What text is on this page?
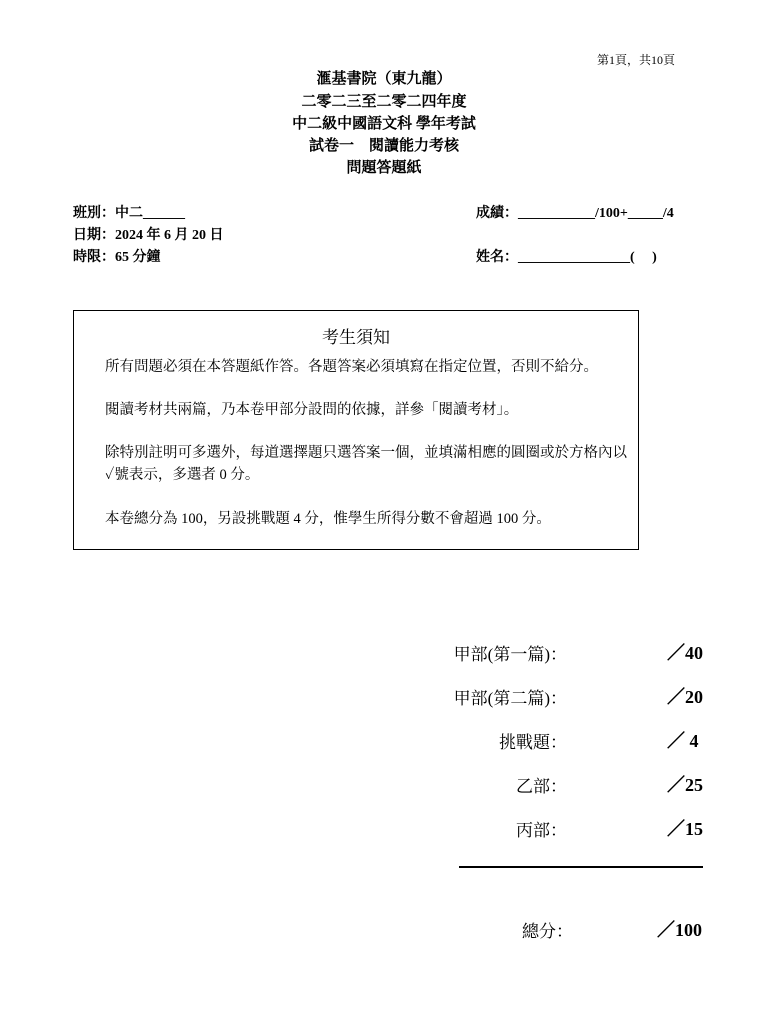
第1頁，共10頁
滙基書院（東九龍）
二零二三至二零二四年度
中二級中國語文科 學年考試
試卷一　閱讀能力考核
問題答題紙
班別：中二______
日期：2024 年 6 月 20 日
時限：65 分鐘
成績：___________/100+_____/4
姓名：________________(　 )
考生須知
所有問題必須在本答題紙作答。各題答案必須填寫在指定位置，否則不給分。
閱讀考材共兩篇，乃本卷甲部分設問的依據，詳參「閱讀考材」。
除特別註明可多選外，每道選擇題只選答案一個，並填滿相應的圓圈或於方格內以✓號表示，多選者 0 分。
本卷總分為 100，另設挑戰題 4 分，惟學生所得分數不會超過 100 分。
甲部(第一篇)：	／40
甲部(第二篇)：	／20
挑戰題：	／ 4
乙部：	／25
丙部：	／15
總分：	／100
